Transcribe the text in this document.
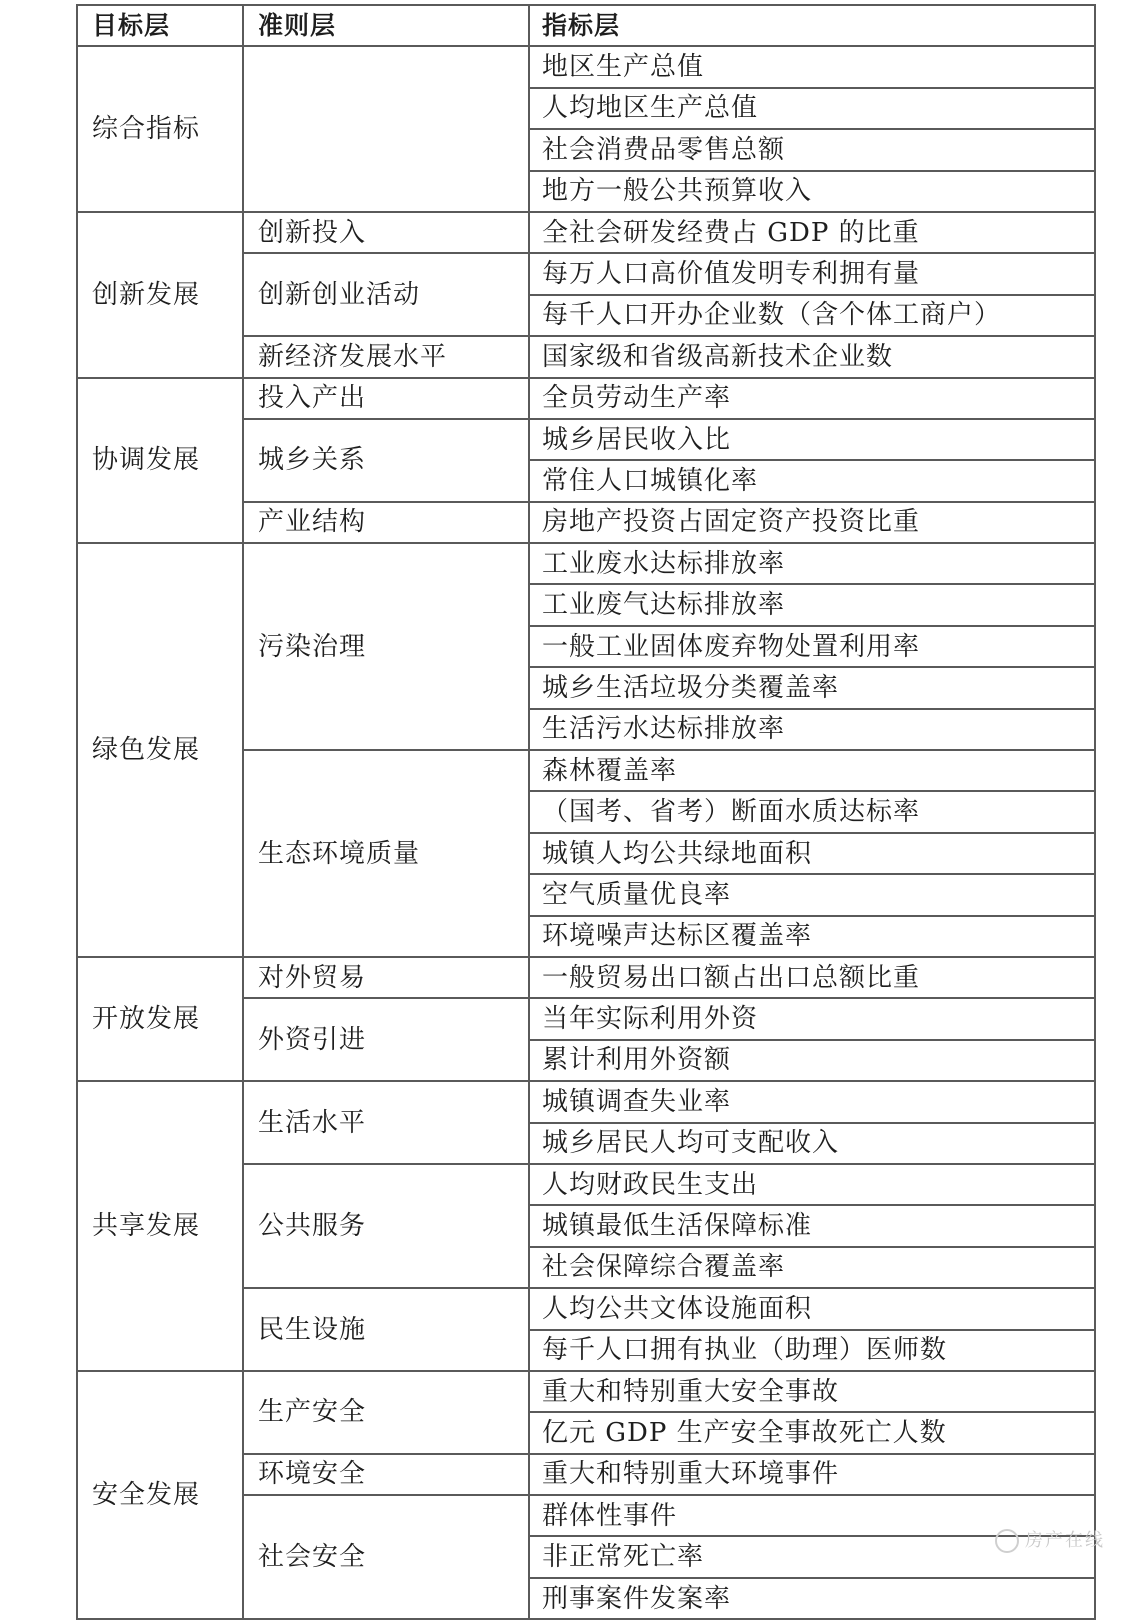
目标层	准则层	指标层
综合指标		地区生产总值
		人均地区生产总值
		社会消费品零售总额
		地方一般公共预算收入
创新发展	创新投入	全社会研发经费占 GDP 的比重
	创新创业活动	每万人口高价值发明专利拥有量
		每千人口开办企业数（含个体工商户）
	新经济发展水平	国家级和省级高新技术企业数
协调发展	投入产出	全员劳动生产率
	城乡关系	城乡居民收入比
		常住人口城镇化率
	产业结构	房地产投资占固定资产投资比重
绿色发展	污染治理	工业废水达标排放率
		工业废气达标排放率
		一般工业固体废弃物处置利用率
		城乡生活垃圾分类覆盖率
		生活污水达标排放率
	生态环境质量	森林覆盖率
		（国考、省考）断面水质达标率
		城镇人均公共绿地面积
		空气质量优良率
		环境噪声达标区覆盖率
开放发展	对外贸易	一般贸易出口额占出口总额比重
	外资引进	当年实际利用外资
		累计利用外资额
共享发展	生活水平	城镇调查失业率
		城乡居民人均可支配收入
	公共服务	人均财政民生支出
		城镇最低生活保障标准
		社会保障综合覆盖率
	民生设施	人均公共文体设施面积
		每千人口拥有执业（助理）医师数
安全发展	生产安全	重大和特别重大安全事故
		亿元 GDP 生产安全事故死亡人数
	环境安全	重大和特别重大环境事件
	社会安全	群体性事件
		非正常死亡率
		刑事案件发案率
房产在线
